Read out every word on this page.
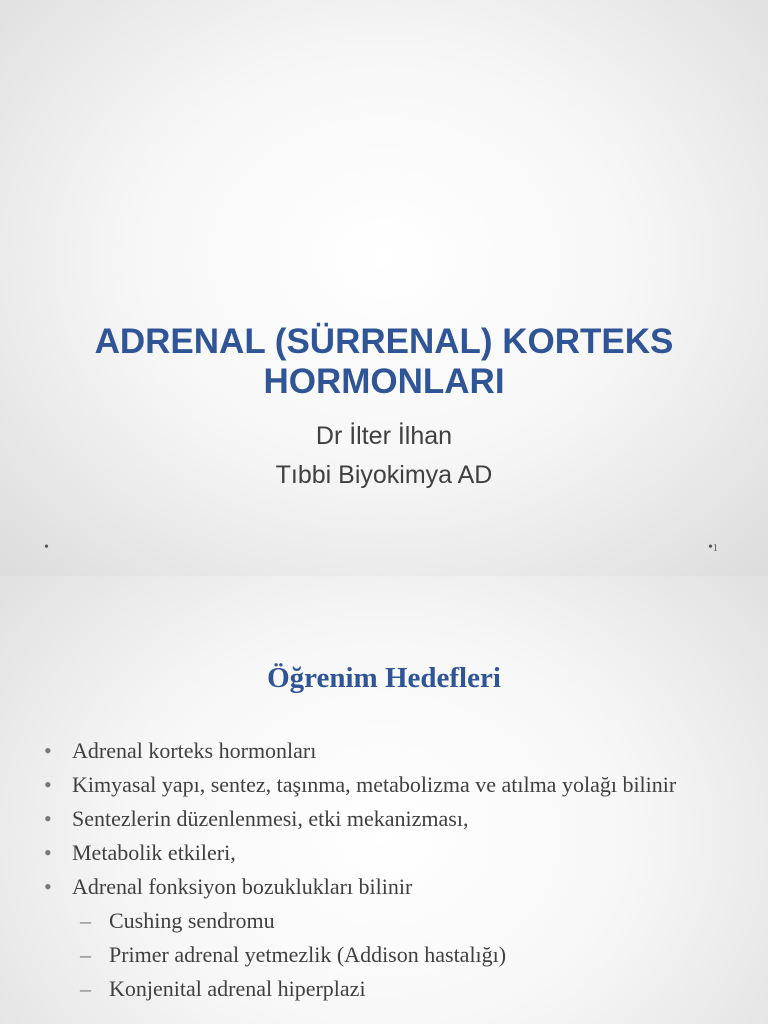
ADRENAL (SÜRRENAL) KORTEKS
HORMONLARI
Dr İlter İlhan
Tıbbi Biyokimya AD
•	•1
Öğrenim Hedefleri
• Adrenal korteks hormonları
• Kimyasal yapı, sentez, taşınma, metabolizma ve atılma yolağı bilinir
• Sentezlerin düzenlenmesi, etki mekanizması,
• Metabolik etkileri,
• Adrenal fonksiyon bozuklukları bilinir
– Cushing sendromu
– Primer adrenal yetmezlik (Addison hastalığı)
– Konjenital adrenal hiperplazi
